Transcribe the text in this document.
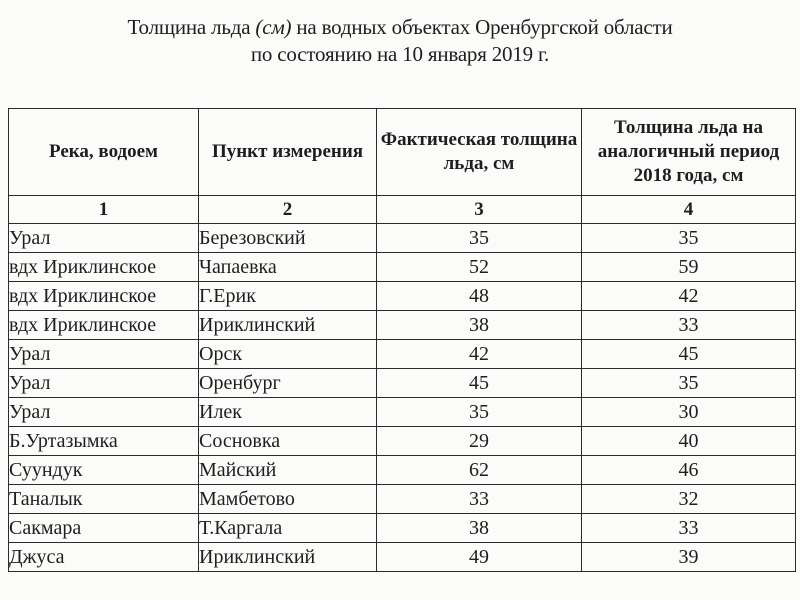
Толщина льда (см) на водных объектах Оренбургской области
по состоянию на 10 января 2019 г.
Река, водоем	Пункт измерения	Фактическая толщина льда, см	Толщина льда на аналогичный период 2018 года, см
1	2	3	4
Урал	Березовский	35	35
вдх Ириклинское	Чапаевка	52	59
вдх Ириклинское	Г.Ерик	48	42
вдх Ириклинское	Ириклинский	38	33
Урал	Орск	42	45
Урал	Оренбург	45	35
Урал	Илек	35	30
Б.Уртазымка	Сосновка	29	40
Суундук	Майский	62	46
Таналык	Мамбетово	33	32
Сакмара	Т.Каргала	38	33
Джуса	Ириклинский	49	39
